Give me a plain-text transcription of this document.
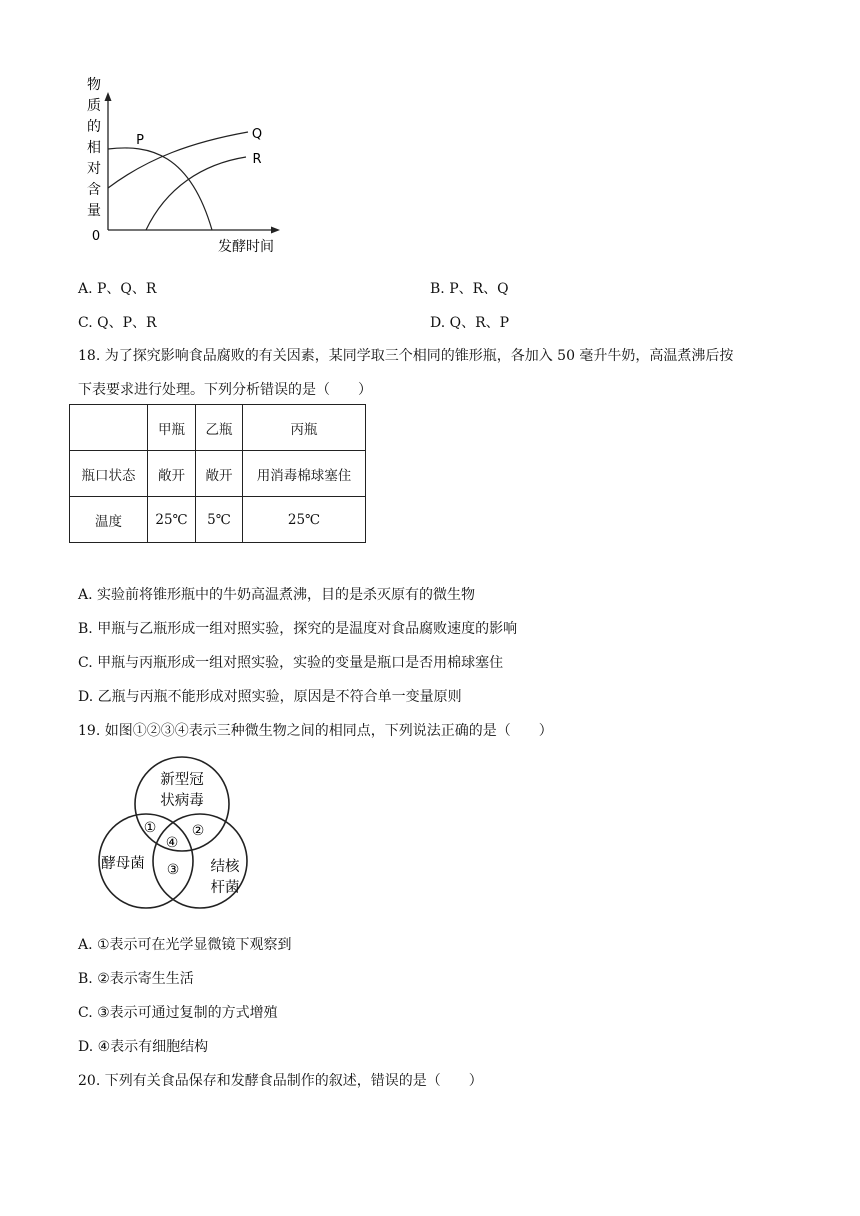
物
质
的
相
对
含
量
0
发酵时间
P	Q
R
A. P、Q、R	B. P、R、Q
C. Q、P、R	D. Q、R、P
18. 为了探究影响食品腐败的有关因素，某同学取三个相同的锥形瓶，各加入 50 毫升牛奶，高温煮沸后按
下表要求进行处理。下列分析错误的是（　　）
	甲瓶	乙瓶	丙瓶
瓶口状态	敞开	敞开	用消毒棉球塞住
温度	25℃	5℃	25℃
A. 实验前将锥形瓶中的牛奶高温煮沸，目的是杀灭原有的微生物
B. 甲瓶与乙瓶形成一组对照实验，探究的是温度对食品腐败速度的影响
C. 甲瓶与丙瓶形成一组对照实验，实验的变量是瓶口是否用棉球塞住
D. 乙瓶与丙瓶不能形成对照实验，原因是不符合单一变量原则
19. 如图①②③④表示三种微生物之间的相同点，下列说法正确的是（　　）
新型冠
状病毒
酵母菌	结核
杆菌
①	②
④
③
A. ①表示可在光学显微镜下观察到
B. ②表示寄生生活
C. ③表示可通过复制的方式增殖
D. ④表示有细胞结构
20. 下列有关食品保存和发酵食品制作的叙述，错误的是（　　）
